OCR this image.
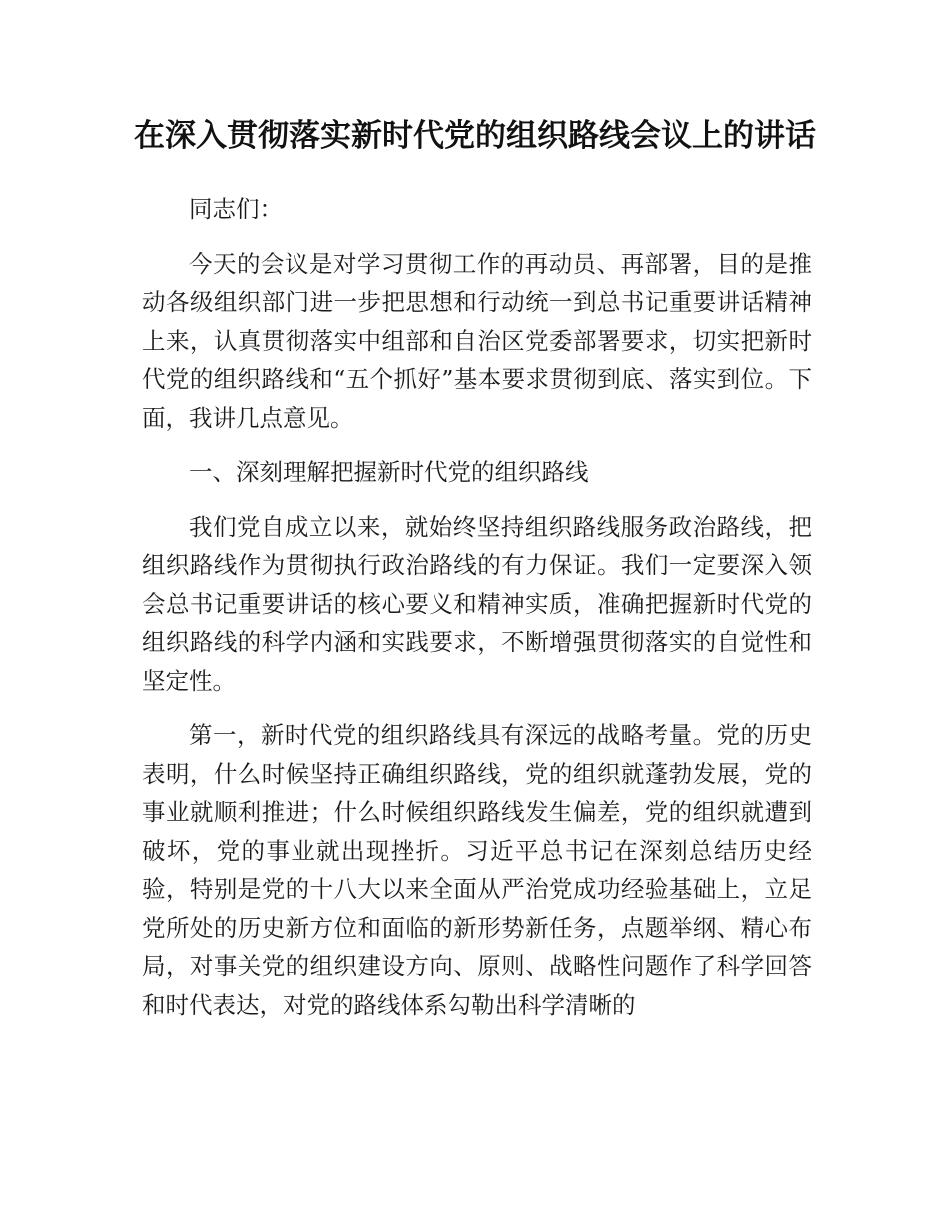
在深入贯彻落实新时代党的组织路线会议上的讲话

同志们：

今天的会议是对学习贯彻工作的再动员、再部署，目的是推动各级组织部门进一步把思想和行动统一到总书记重要讲话精神上来，认真贯彻落实中组部和自治区党委部署要求，切实把新时代党的组织路线和“五个抓好”基本要求贯彻到底、落实到位。下面，我讲几点意见。

一、深刻理解把握新时代党的组织路线

我们党自成立以来，就始终坚持组织路线服务政治路线，把组织路线作为贯彻执行政治路线的有力保证。我们一定要深入领会总书记重要讲话的核心要义和精神实质，准确把握新时代党的组织路线的科学内涵和实践要求，不断增强贯彻落实的自觉性和坚定性。

第一，新时代党的组织路线具有深远的战略考量。党的历史表明，什么时候坚持正确组织路线，党的组织就蓬勃发展，党的事业就顺利推进；什么时候组织路线发生偏差，党的组织就遭到破坏，党的事业就出现挫折。习近平总书记在深刻总结历史经验，特别是党的十八大以来全面从严治党成功经验基础上，立足党所处的历史新方位和面临的新形势新任务，点题举纲、精心布局，对事关党的组织建设方向、原则、战略性问题作了科学回答和时代表达，对党的路线体系勾勒出科学清晰的
